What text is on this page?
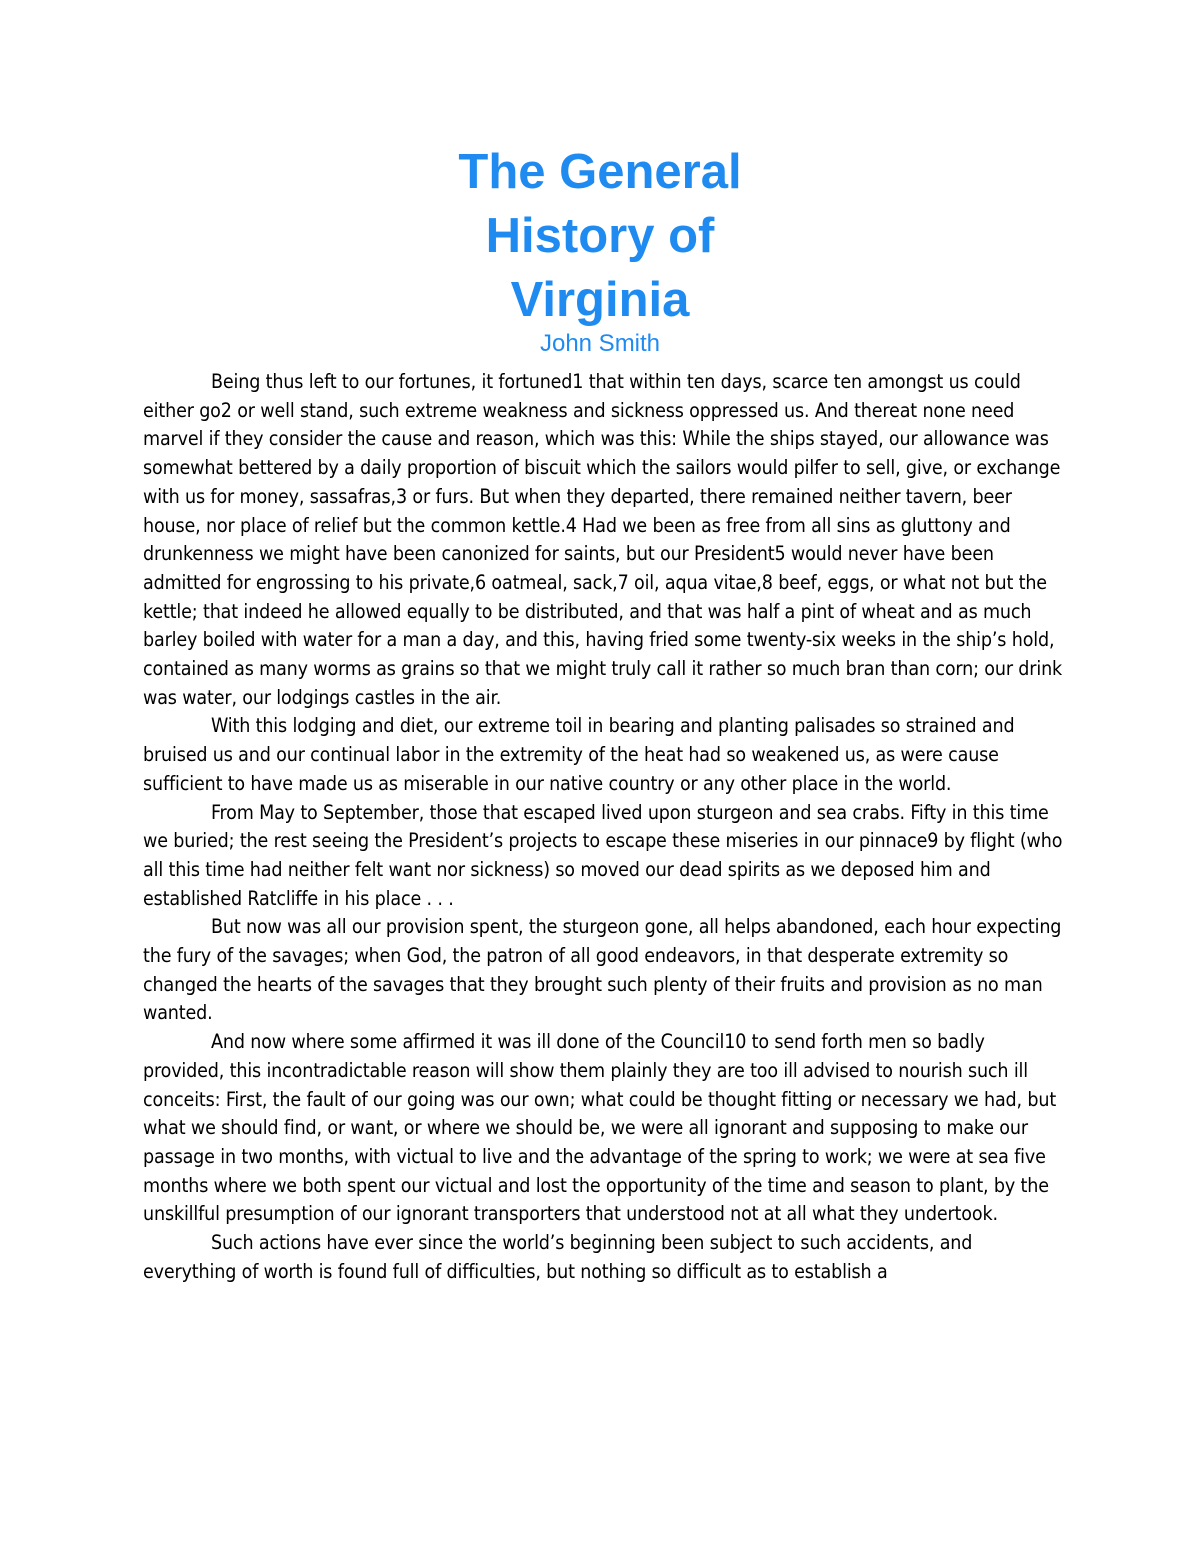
The General
History of
Virginia
John Smith

Being thus left to our fortunes, it fortuned1 that within ten days, scarce ten amongst us could either go2 or well stand, such extreme weakness and sickness oppressed us. And thereat none need marvel if they consider the cause and reason, which was this: While the ships stayed, our allowance was somewhat bettered by a daily proportion of biscuit which the sailors would pilfer to sell, give, or exchange with us for money, sassafras,3 or furs. But when they departed, there remained neither tavern, beer house, nor place of relief but the common kettle.4 Had we been as free from all sins as gluttony and drunkenness we might have been canonized for saints, but our President5 would never have been admitted for engrossing to his private,6 oatmeal, sack,7 oil, aqua vitae,8 beef, eggs, or what not but the kettle; that indeed he allowed equally to be distributed, and that was half a pint of wheat and as much barley boiled with water for a man a day, and this, having fried some twenty-six weeks in the ship’s hold, contained as many worms as grains so that we might truly call it rather so much bran than corn; our drink was water, our lodgings castles in the air.

With this lodging and diet, our extreme toil in bearing and planting palisades so strained and bruised us and our continual labor in the extremity of the heat had so weakened us, as were cause sufficient to have made us as miserable in our native country or any other place in the world.

From May to September, those that escaped lived upon sturgeon and sea crabs. Fifty in this time we buried; the rest seeing the President’s projects to escape these miseries in our pinnace9 by flight (who all this time had neither felt want nor sickness) so moved our dead spirits as we deposed him and established Ratcliffe in his place . . .

But now was all our provision spent, the sturgeon gone, all helps abandoned, each hour expecting the fury of the savages; when God, the patron of all good endeavors, in that desperate extremity so changed the hearts of the savages that they brought such plenty of their fruits and provision as no man wanted.

And now where some affirmed it was ill done of the Council10 to send forth men so badly provided, this incontradictable reason will show them plainly they are too ill advised to nourish such ill conceits: First, the fault of our going was our own; what could be thought fitting or necessary we had, but what we should find, or want, or where we should be, we were all ignorant and supposing to make our passage in two months, with victual to live and the advantage of the spring to work; we were at sea five months where we both spent our victual and lost the opportunity of the time and season to plant, by the unskillful presumption of our ignorant transporters that understood not at all what they undertook.

Such actions have ever since the world’s beginning been subject to such accidents, and everything of worth is found full of difficulties, but nothing so difficult as to establish a
